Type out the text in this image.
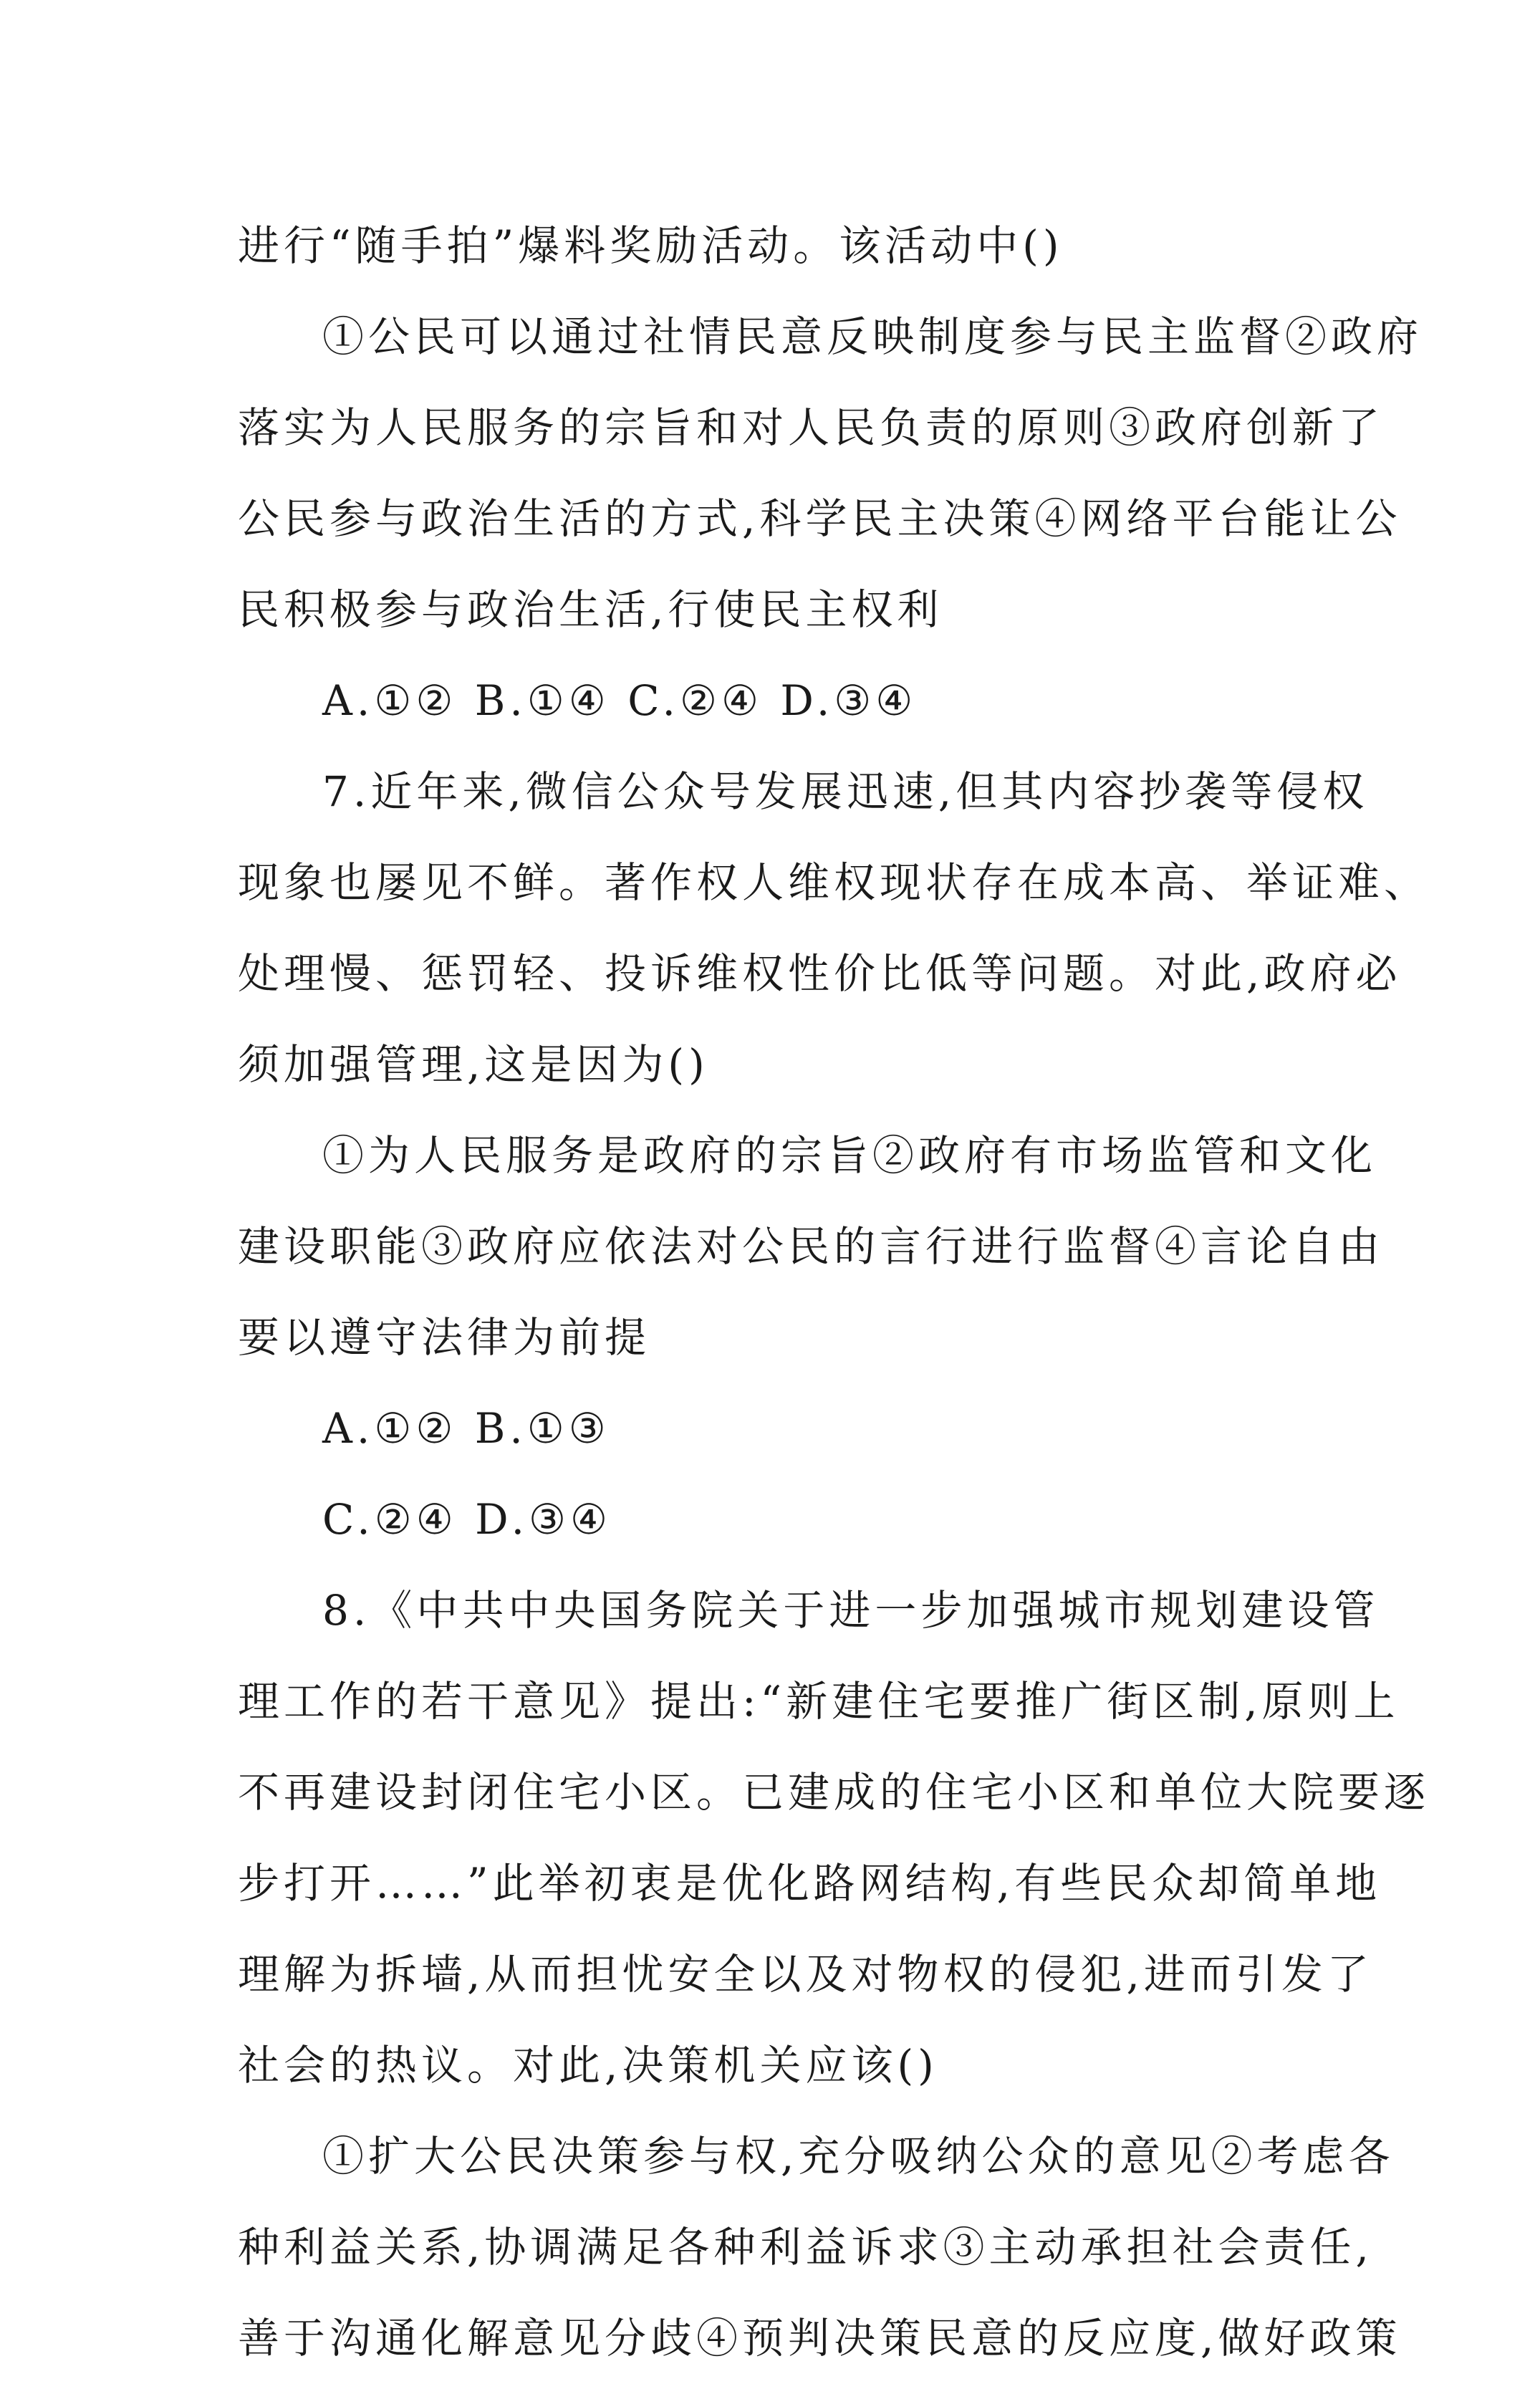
进行“随手拍”爆料奖励活动。该活动中()
①公民可以通过社情民意反映制度参与民主监督②政府
落实为人民服务的宗旨和对人民负责的原则③政府创新了
公民参与政治生活的方式,科学民主决策④网络平台能让公
民积极参与政治生活,行使民主权利
A.①② B.①④ C.②④ D.③④
7.近年来,微信公众号发展迅速,但其内容抄袭等侵权
现象也屡见不鲜。著作权人维权现状存在成本高、举证难、
处理慢、惩罚轻、投诉维权性价比低等问题。对此,政府必
须加强管理,这是因为()
①为人民服务是政府的宗旨②政府有市场监管和文化
建设职能③政府应依法对公民的言行进行监督④言论自由
要以遵守法律为前提
A.①② B.①③
C.②④ D.③④
8.《中共中央国务院关于进一步加强城市规划建设管
理工作的若干意见》提出:“新建住宅要推广街区制,原则上
不再建设封闭住宅小区。已建成的住宅小区和单位大院要逐
步打开……”此举初衷是优化路网结构,有些民众却简单地
理解为拆墙,从而担忧安全以及对物权的侵犯,进而引发了
社会的热议。对此,决策机关应该()
①扩大公民决策参与权,充分吸纳公众的意见②考虑各
种利益关系,协调满足各种利益诉求③主动承担社会责任,
善于沟通化解意见分歧④预判决策民意的反应度,做好政策
